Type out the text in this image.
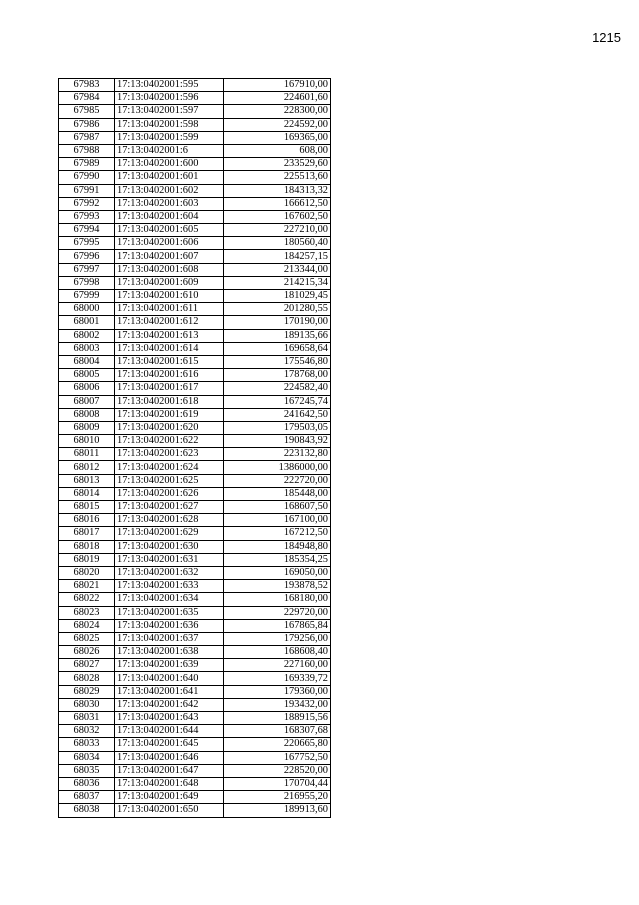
1215
67983	17:13:0402001:595	167910,00
67984	17:13:0402001:596	224601,60
67985	17:13:0402001:597	228300,00
67986	17:13:0402001:598	224592,00
67987	17:13:0402001:599	169365,00
67988	17:13:0402001:6	608,00
67989	17:13:0402001:600	233529,60
67990	17:13:0402001:601	225513,60
67991	17:13:0402001:602	184313,32
67992	17:13:0402001:603	166612,50
67993	17:13:0402001:604	167602,50
67994	17:13:0402001:605	227210,00
67995	17:13:0402001:606	180560,40
67996	17:13:0402001:607	184257,15
67997	17:13:0402001:608	213344,00
67998	17:13:0402001:609	214215,34
67999	17:13:0402001:610	181029,45
68000	17:13:0402001:611	201280,55
68001	17:13:0402001:612	170190,00
68002	17:13:0402001:613	189135,66
68003	17:13:0402001:614	169658,64
68004	17:13:0402001:615	175546,80
68005	17:13:0402001:616	178768,00
68006	17:13:0402001:617	224582,40
68007	17:13:0402001:618	167245,74
68008	17:13:0402001:619	241642,50
68009	17:13:0402001:620	179503,05
68010	17:13:0402001:622	190843,92
68011	17:13:0402001:623	223132,80
68012	17:13:0402001:624	1386000,00
68013	17:13:0402001:625	222720,00
68014	17:13:0402001:626	185448,00
68015	17:13:0402001:627	168607,50
68016	17:13:0402001:628	167100,00
68017	17:13:0402001:629	167212,50
68018	17:13:0402001:630	184948,80
68019	17:13:0402001:631	185354,25
68020	17:13:0402001:632	169050,00
68021	17:13:0402001:633	193878,52
68022	17:13:0402001:634	168180,00
68023	17:13:0402001:635	229720,00
68024	17:13:0402001:636	167865,84
68025	17:13:0402001:637	179256,00
68026	17:13:0402001:638	168608,40
68027	17:13:0402001:639	227160,00
68028	17:13:0402001:640	169339,72
68029	17:13:0402001:641	179360,00
68030	17:13:0402001:642	193432,00
68031	17:13:0402001:643	188915,56
68032	17:13:0402001:644	168307,68
68033	17:13:0402001:645	220665,80
68034	17:13:0402001:646	167752,50
68035	17:13:0402001:647	228520,00
68036	17:13:0402001:648	170704,44
68037	17:13:0402001:649	216955,20
68038	17:13:0402001:650	189913,60
